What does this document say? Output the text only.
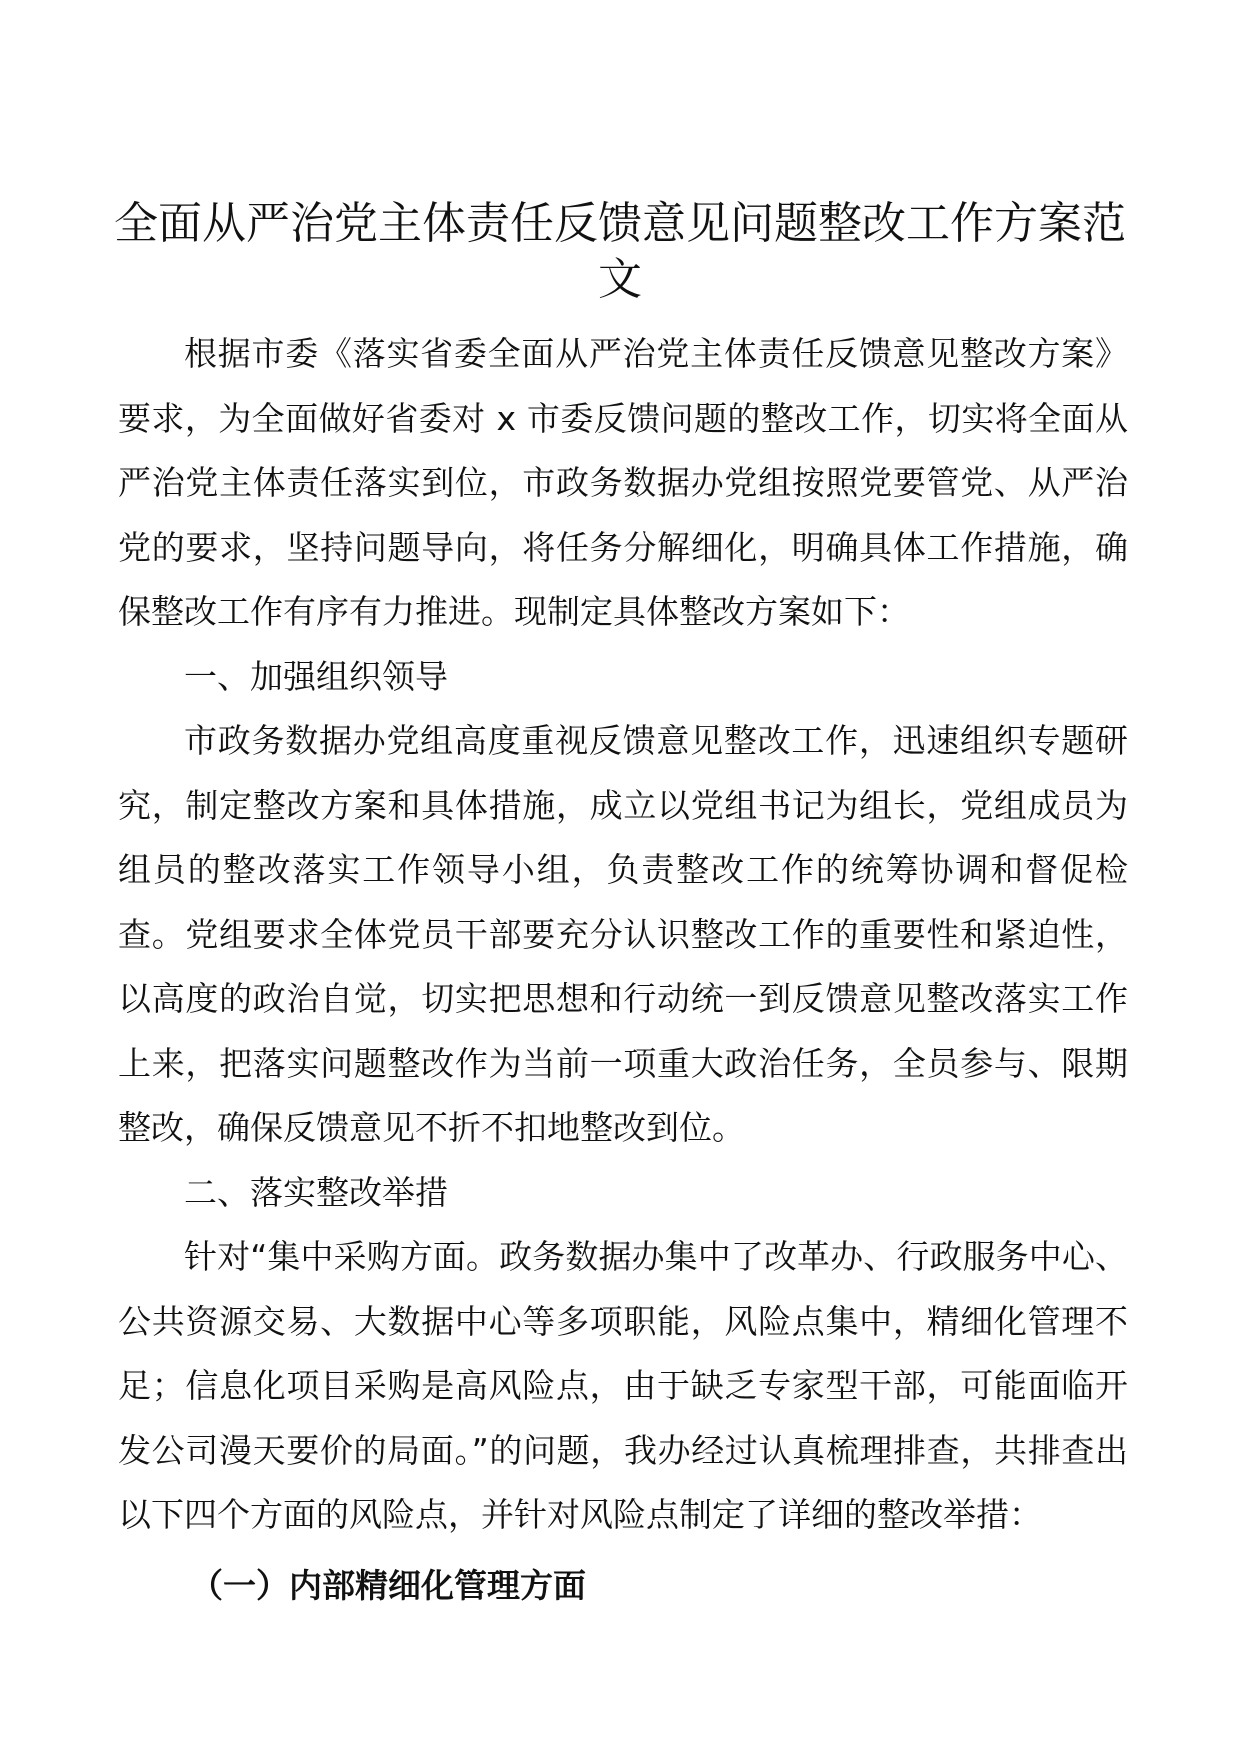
全面从严治党主体责任反馈意见问题整改工作方案范文

根据市委《落实省委全面从严治党主体责任反馈意见整改方案》要求，为全面做好省委对 x 市委反馈问题的整改工作，切实将全面从严治党主体责任落实到位，市政务数据办党组按照党要管党、从严治党的要求，坚持问题导向，将任务分解细化，明确具体工作措施，确保整改工作有序有力推进。现制定具体整改方案如下：

一、加强组织领导

市政务数据办党组高度重视反馈意见整改工作，迅速组织专题研究，制定整改方案和具体措施，成立以党组书记为组长，党组成员为组员的整改落实工作领导小组，负责整改工作的统筹协调和督促检查。党组要求全体党员干部要充分认识整改工作的重要性和紧迫性，以高度的政治自觉，切实把思想和行动统一到反馈意见整改落实工作上来，把落实问题整改作为当前一项重大政治任务，全员参与、限期整改，确保反馈意见不折不扣地整改到位。

二、落实整改举措

针对“集中采购方面。政务数据办集中了改革办、行政服务中心、公共资源交易、大数据中心等多项职能，风险点集中，精细化管理不足；信息化项目采购是高风险点，由于缺乏专家型干部，可能面临开发公司漫天要价的局面。”的问题，我办经过认真梳理排查，共排查出以下四个方面的风险点，并针对风险点制定了详细的整改举措：

（一）内部精细化管理方面
